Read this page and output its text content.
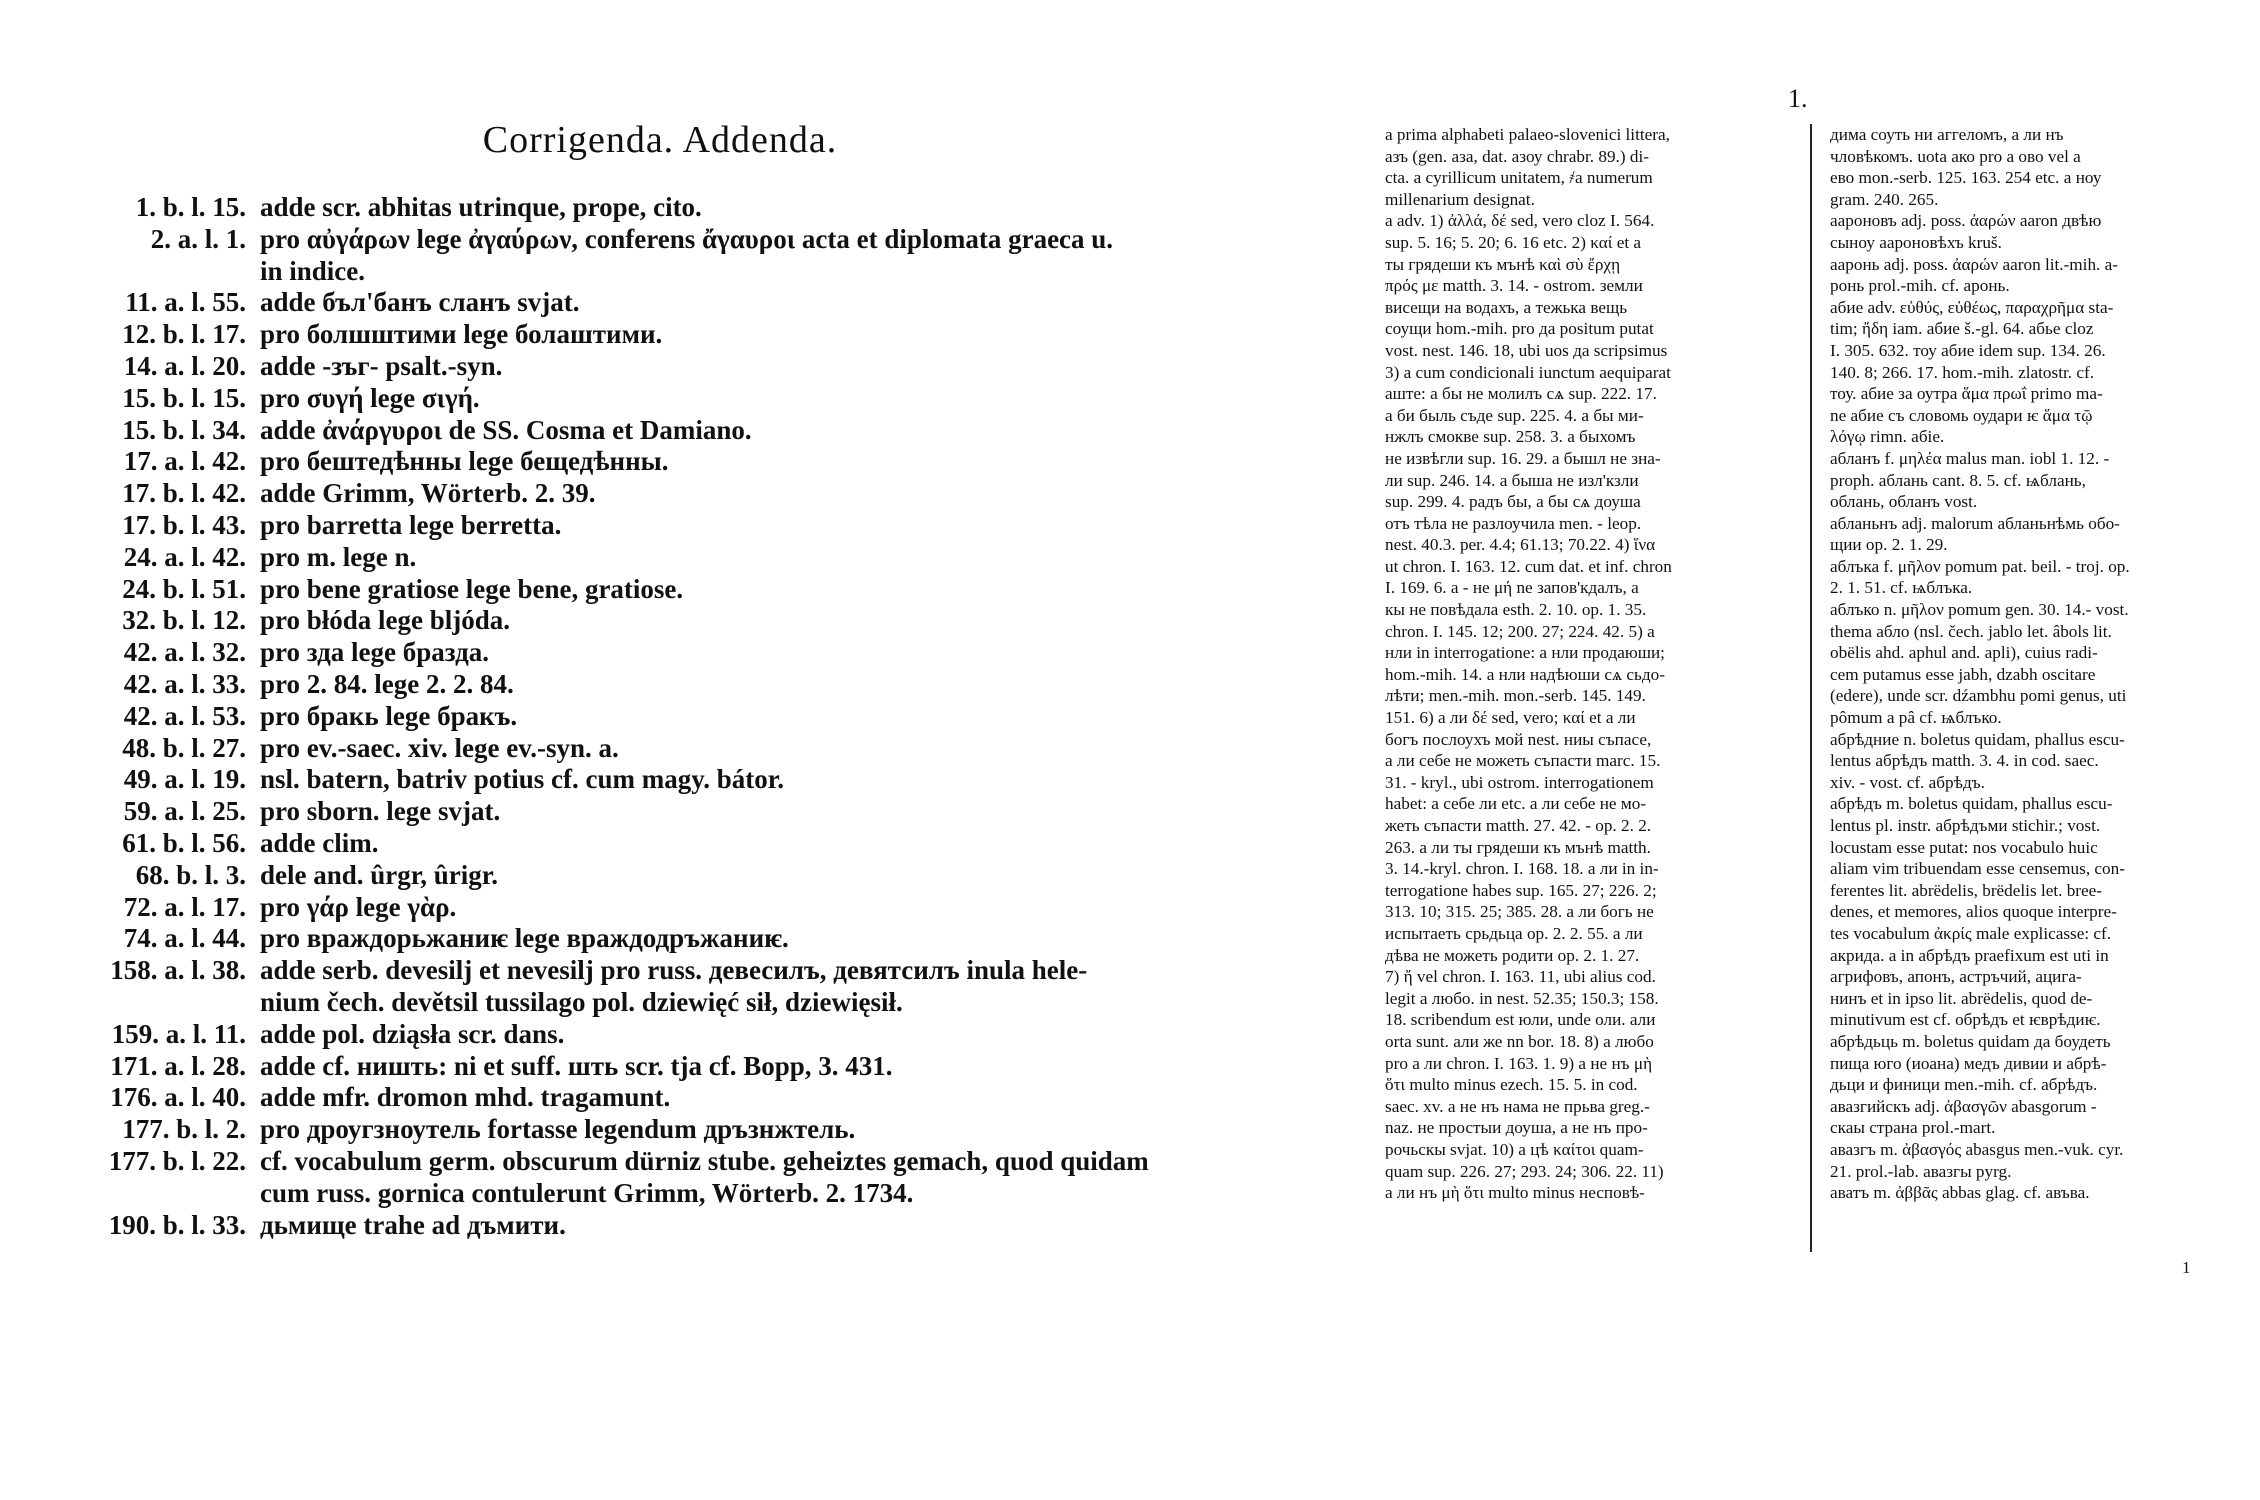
Corrigenda. Addenda.
1. b. l. 15. adde scr. abhitas utrinque, prope, cito.
2. a. l. 1. pro αὐγάρων lege ἀγαύρων, conferens ἄγαυροι acta et diplomata graeca u.
in indice.
11. a. l. 55. adde бъл'банъ сланъ svjat.
12. b. l. 17. pro болшштими lege болаштими.
14. a. l. 20. adde -зъг- psalt.-syn.
15. b. l. 15. pro συγή lege σιγή.
15. b. l. 34. adde ἀνάργυροι de SS. Cosma et Damiano.
17. a. l. 42. pro бештедѣнны lege бещедѣнны.
17. b. l. 42. adde Grimm, Wörterb. 2. 39.
17. b. l. 43. pro barretta lege berretta.
24. a. l. 42. pro m. lege n.
24. b. l. 51. pro bene gratiose lege bene, gratiose.
32. b. l. 12. pro błóda lege bljóda.
42. a. l. 32. pro зда lege бразда.
42. a. l. 33. pro 2. 84. lege 2. 2. 84.
42. a. l. 53. pro бракь lege бракъ.
48. b. l. 27. pro ev.-saec. xiv. lege ev.-syn. a.
49. a. l. 19. nsl. batern, batriv potius cf. cum magy. bátor.
59. a. l. 25. pro sborn. lege svjat.
61. b. l. 56. adde clim.
68. b. l. 3. dele and. ûrgr, ûrigr.
72. a. l. 17. pro γάρ lege γὰρ.
74. a. l. 44. pro враждорьжаниѥ lege враждодръжаниѥ.
158. a. l. 38. adde serb. devesilj et nevesilj pro russ. девесилъ, девятсилъ inula hele-
nium čech. devětsil tussilago pol. dziewięć sił, dziewięsił.
159. a. l. 11. adde pol. dziąsła scr. dans.
171. a. l. 28. adde cf. ништь: ni et suff. шть scr. tja cf. Bopp, 3. 431.
176. a. l. 40. adde mfr. dromon mhd. tragamunt.
177. b. l. 2. pro дроугзноутель fortasse legendum дръзнжтель.
177. b. l. 22. cf. vocabulum germ. obscurum dürniz stube. geheiztes gemach, quod quidam
cum russ. gornica contulerunt Grimm, Wörterb. 2. 1734.
190. b. l. 33. дьмище trahe ad дъмити.
1.
а prima alphabeti palaeo-slovenici littera,
азъ (gen. аза, dat. азоу chrabr. 89.) di-
cta. а cyrillicum unitatem, ҂а numerum
millenarium designat.
а adv. 1) ἀλλά, δέ sed, vero cloz I. 564.
sup. 5. 16; 5. 20; 6. 16 etc. 2) καί et а
ты грядеши къ мънѣ καὶ σὺ ἔρχῃ
πρός με matth. 3. 14. - ostrom. земли
висещи на водахъ, а тежька вещь
соущи hom.-mih. pro да positum putat
vost. nest. 146. 18, ubi uos да scripsimus
3) а cum condicionali iunctum aequiparat
аште: а бы не молилъ сѧ sup. 222. 17.
а би быль съде sup. 225. 4. а бы ми-
нжлъ смокве sup. 258. 3. а быхомъ
не извѣгли sup. 16. 29. а бышл не зна-
ли sup. 246. 14. а быша не изл'кзли
sup. 299. 4. радъ бы, а бы сѧ доуша
отъ тѣла не разлоучила men. - leop.
nest. 40.3. per. 4.4; 61.13; 70.22. 4) ἵνα
ut chron. I. 163. 12. cum dat. et inf. chron
I. 169. 6. а - не μή ne запов'кдалъ, а
кы не повѣдала esth. 2. 10. op. 1. 35.
chron. I. 145. 12; 200. 27; 224. 42. 5) а
нли in interrogatione: а нли продаюши;
hom.-mih. 14. а нли надѣюши сѧ сьдо-
лѣти; men.-mih. mon.-serb. 145. 149.
151. 6) а ли δέ sed, vero; καί et а ли
богъ послоухъ мой nest. ниы съпасе,
а ли себе не можеть съпасти marc. 15.
31. - kryl., ubi ostrom. interrogationem
habet: а себе ли etc. а ли себе не мо-
жеть съпасти matth. 27. 42. - op. 2. 2.
263. а ли ты грядеши къ мънѣ matth.
3. 14.-kryl. chron. I. 168. 18. а ли in in-
terrogatione habes sup. 165. 27; 226. 2;
313. 10; 315. 25; 385. 28. а ли богь не
испытаеть срьдьца op. 2. 2. 55. а ли
дѣва не можеть родити op. 2. 1. 27.
7) ἤ vel chron. I. 163. 11, ubi alius cod.
legit а любо. in nest. 52.35; 150.3; 158.
18. scribendum est юли, unde оли. али
orta sunt. али же nn bor. 18. 8) а любо
pro а ли chron. I. 163. 1. 9) а не нъ μὴ
ὅτι multo minus ezech. 15. 5. in cod.
saec. xv. а не нъ нама не прьва greg.-
naz. не простыи доуша, а не нъ про-
рочьскы svjat. 10) а цѣ καίτοι quam-
quam sup. 226. 27; 293. 24; 306. 22. 11)
а ли нъ μὴ ὅτι multo minus несповѣ-
дима соуть ни аггеломъ, а ли нъ
чловѣкомъ. uota ако pro а ово vel а
ево mon.-serb. 125. 163. 254 etc. а ноу
gram. 240. 265.
аароновъ adj. poss. ἀαρών aaron двѣю
сыноу аароновѣхъ kruš.
ааронь adj. poss. ἀαρών aaron lit.-mih. а-
ронь prol.-mih. cf. аронь.
абие adv. εὐθύς, εὐθέως, παραχρῆμα sta-
tim; ἤδη iam. абие š.-gl. 64. абье cloz
I. 305. 632. тоу абие idem sup. 134. 26.
140. 8; 266. 17. hom.-mih. zlatostr. cf.
тоу. абие за оутра ἅμα πρωΐ primo ma-
ne абие съ словомь оудари ѥ ἅμα τῷ
λόγῳ rimn. абiе.
абланъ f. μηλέα malus man. iobl 1. 12. -
proph. аблань cant. 8. 5. cf. ѩблань,
облань, обланъ vost.
абланьнъ adj. malorum абланьнѣмь обо-
щии op. 2. 1. 29.
аблъка f. μῆλον pomum pat. beil. - troj. op.
2. 1. 51. cf. ѩблъка.
аблъко n. μῆλον pomum gen. 30. 14.- vost.
thema абло (nsl. čech. jablo let. âbols lit.
obëlis ahd. aphul and. apli), cuius radi-
cem putamus esse jabh, dzabh oscitare
(edere), unde scr. dźambhu pomi genus, uti
pômum a pâ cf. ѩблъко.
абрѣдние n. boletus quidam, phallus escu-
lentus абрѣдъ matth. 3. 4. in cod. saec.
xiv. - vost. cf. абрѣдъ.
абрѣдъ m. boletus quidam, phallus escu-
lentus pl. instr. абрѣдъми stichir.; vost.
locustam esse putat: nos vocabulo huic
aliam vim tribuendam esse censemus, con-
ferentes lit. abrëdelis, brëdelis let. bree-
denes, et memores, alios quoque interpre-
tes vocabulum ἀκρίς male explicasse: cf.
акрида. а in абрѣдъ praefixum est uti in
агрифовъ, апонъ, астръчий, ацига-
нинъ et in ipso lit. abrëdelis, quod de-
minutivum est cf. обрѣдъ et ѥврѣдиѥ.
абрѣдьць m. boletus quidam да боудеть
пища юго (иоана) медъ дивии и абрѣ-
дьци и финици men.-mih. cf. абрѣдъ.
авазгийскъ adj. ἀβασγῶν abasgorum -
скаы страна prol.-mart.
авазгъ m. ἀβασγός abasgus men.-vuk. cyr.
21. prol.-lab. авазгы pyrg.
аватъ m. ἀββᾶς abbas glag. cf. авъва.
1
